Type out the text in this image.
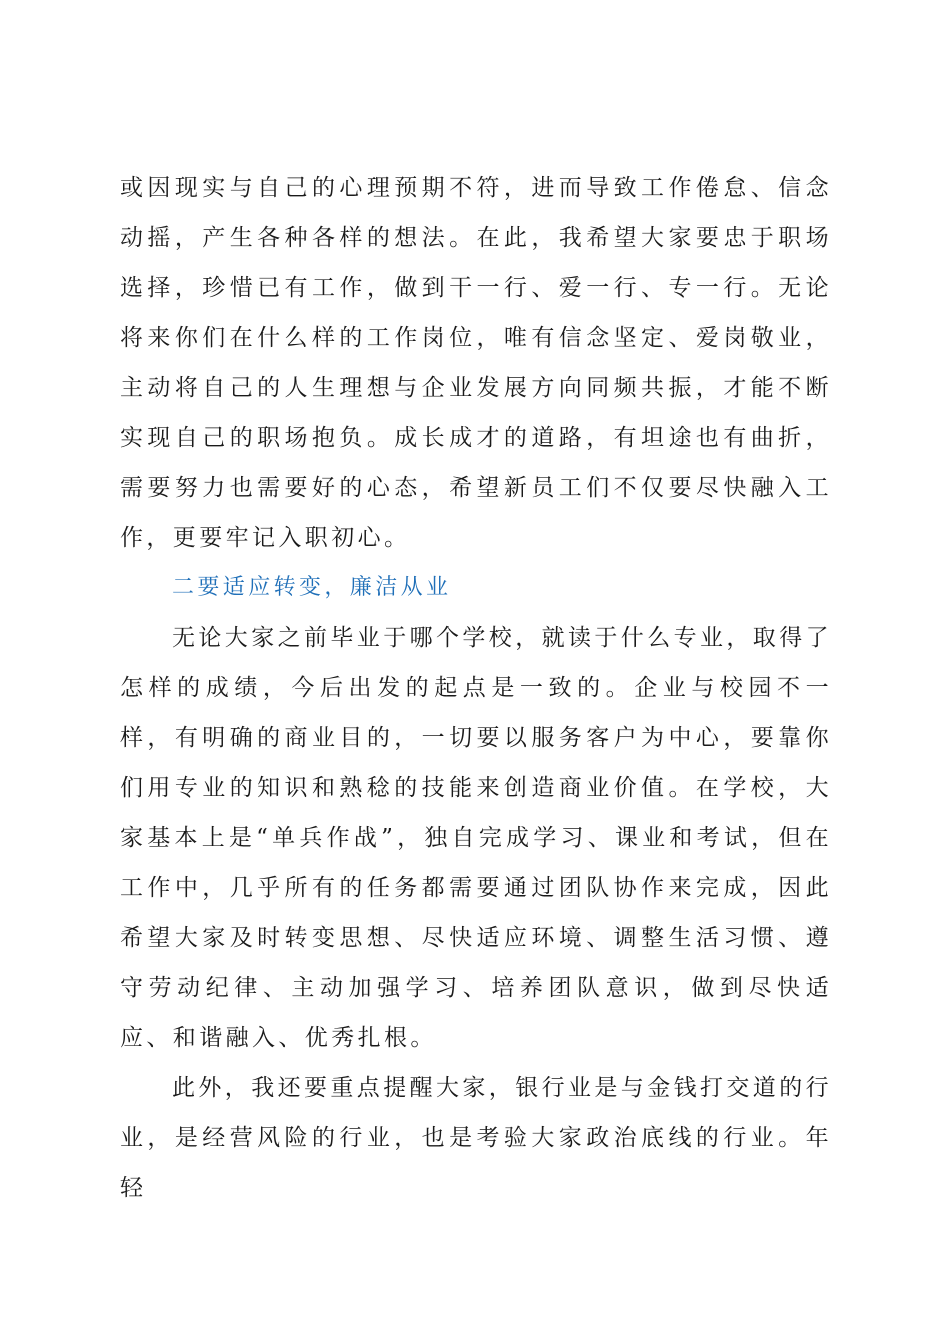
或因现实与自己的心理预期不符，进而导致工作倦怠、信念动摇，产生各种各样的想法。在此，我希望大家要忠于职场选择，珍惜已有工作，做到干一行、爱一行、专一行。无论将来你们在什么样的工作岗位，唯有信念坚定、爱岗敬业，主动将自己的人生理想与企业发展方向同频共振，才能不断实现自己的职场抱负。成长成才的道路，有坦途也有曲折，需要努力也需要好的心态，希望新员工们不仅要尽快融入工作，更要牢记入职初心。

二要适应转变，廉洁从业

无论大家之前毕业于哪个学校，就读于什么专业，取得了怎样的成绩，今后出发的起点是一致的。企业与校园不一样，有明确的商业目的，一切要以服务客户为中心，要靠你们用专业的知识和熟稔的技能来创造商业价值。在学校，大家基本上是“单兵作战”，独自完成学习、课业和考试，但在工作中，几乎所有的任务都需要通过团队协作来完成，因此希望大家及时转变思想、尽快适应环境、调整生活习惯、遵守劳动纪律、主动加强学习、培养团队意识，做到尽快适应、和谐融入、优秀扎根。

此外，我还要重点提醒大家，银行业是与金钱打交道的行业，是经营风险的行业，也是考验大家政治底线的行业。年轻
